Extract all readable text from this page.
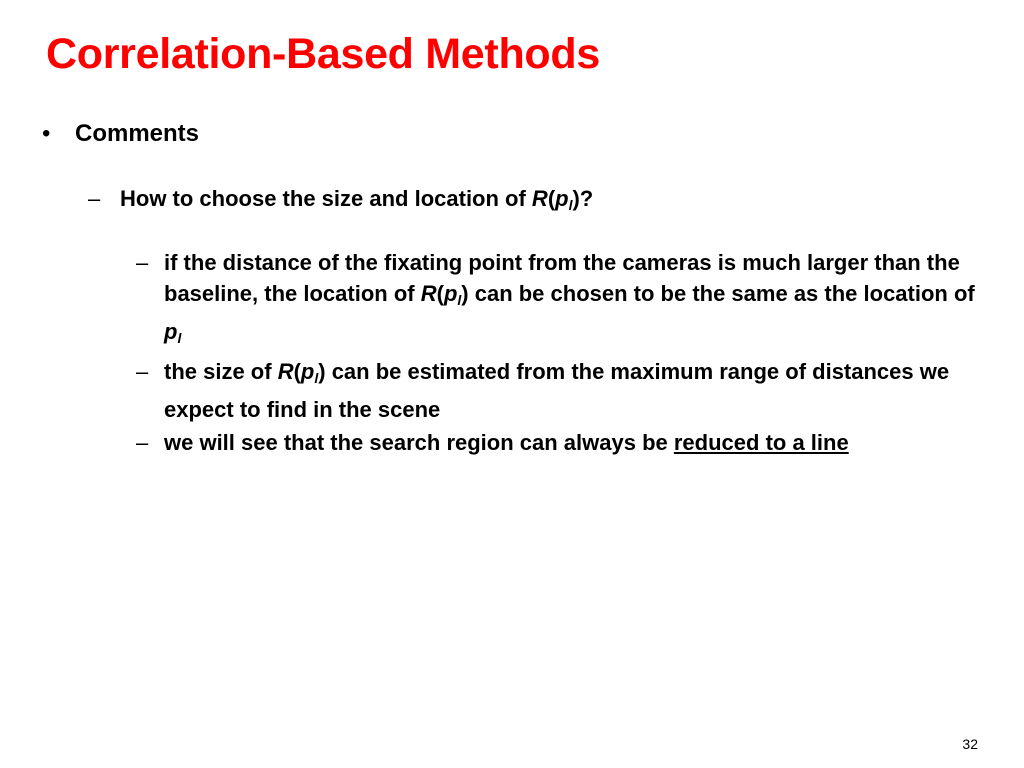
Correlation-Based Methods
•	Comments
– How to choose the size and location of $R(p_l)$?
– if the distance of the fixating point from the cameras is much larger than the baseline, the location of $R(p_l)$ can be chosen to be the same as the location of $p_l$
– the size of $R(p_l)$ can be estimated from the maximum range of distances we expect to find in the scene
– we will see that the search region can always be reduced to a line
32
